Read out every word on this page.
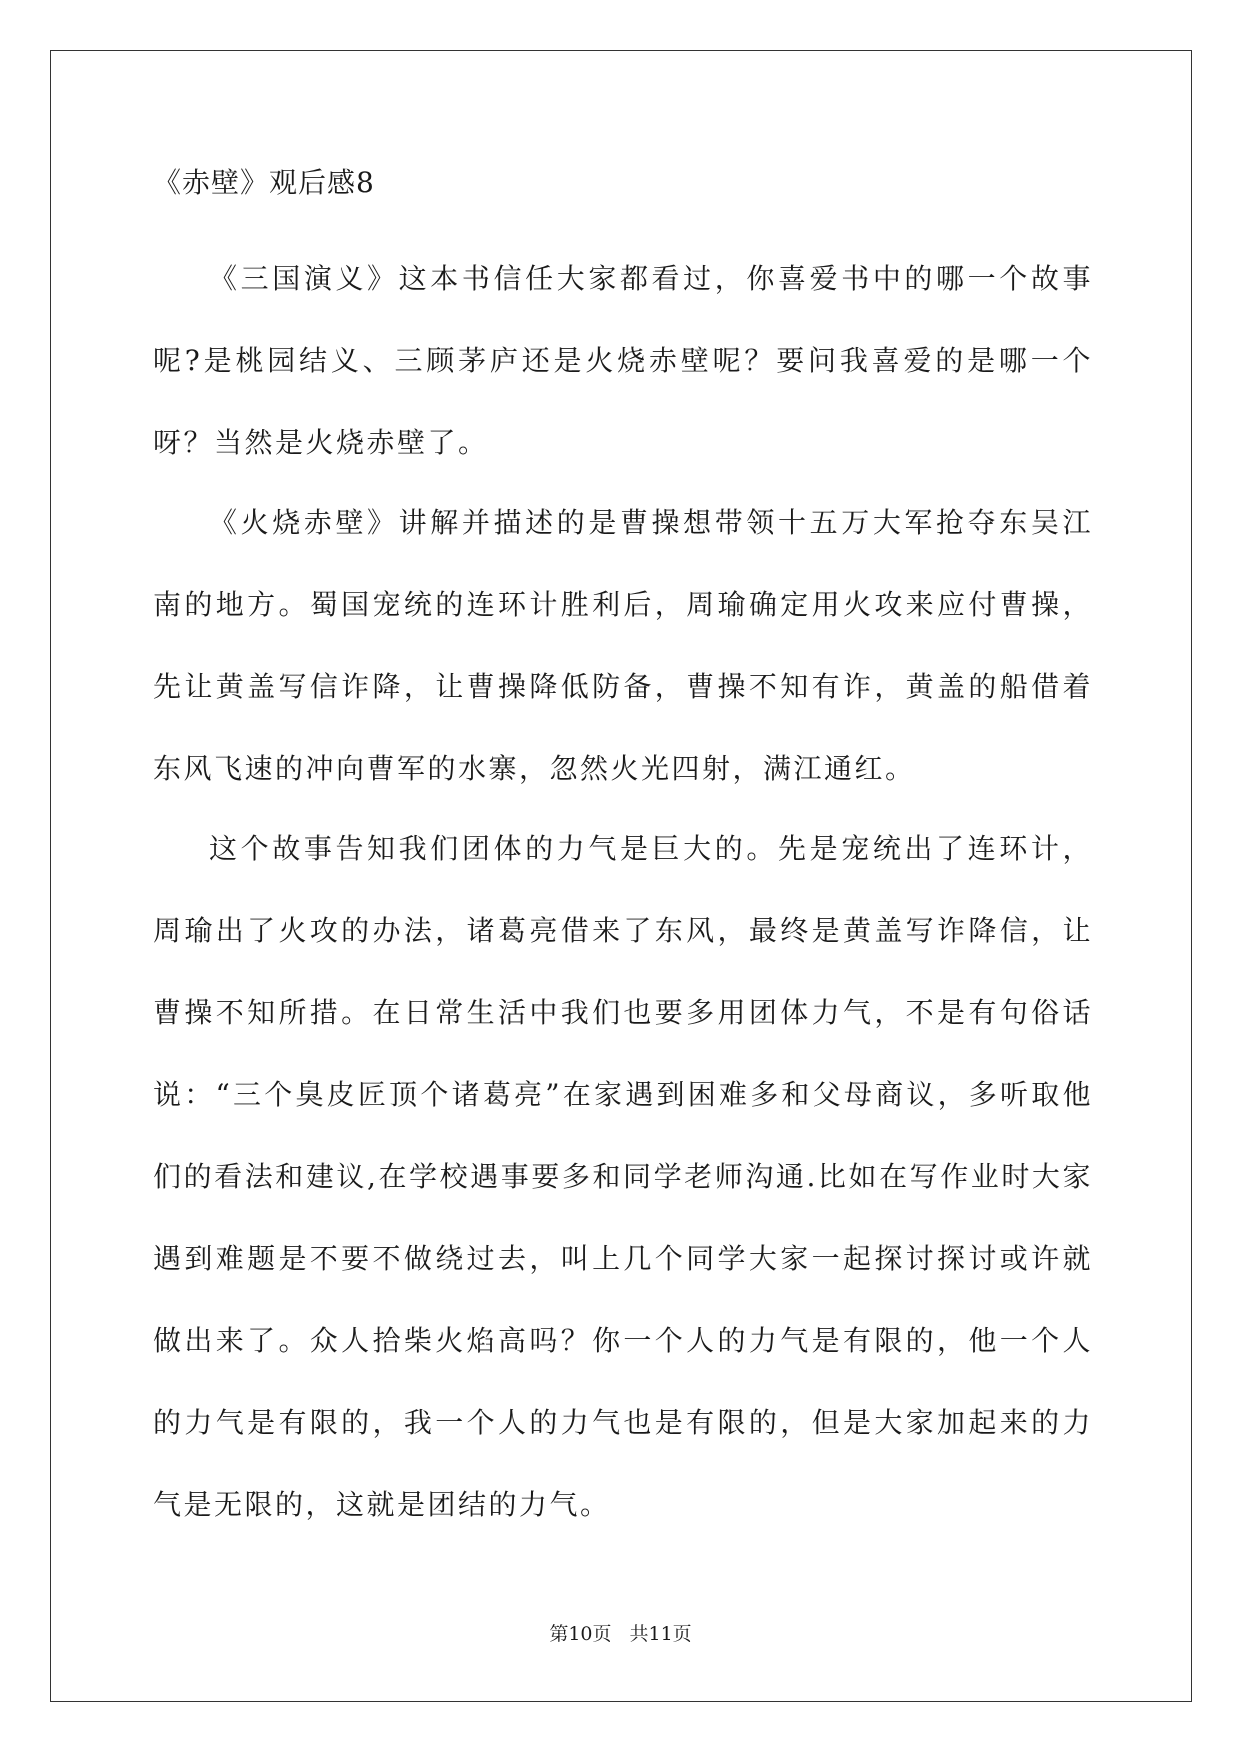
《赤壁》观后感8

《三国演义》这本书信任大家都看过，你喜爱书中的哪一个故事呢?是桃园结义、三顾茅庐还是火烧赤壁呢？要问我喜爱的是哪一个呀？当然是火烧赤壁了。

《火烧赤壁》讲解并描述的是曹操想带领十五万大军抢夺东吴江南的地方。蜀国宠统的连环计胜利后，周瑜确定用火攻来应付曹操，先让黄盖写信诈降，让曹操降低防备，曹操不知有诈，黄盖的船借着东风飞速的冲向曹军的水寨，忽然火光四射，满江通红。

这个故事告知我们团体的力气是巨大的。先是宠统出了连环计，周瑜出了火攻的办法，诸葛亮借来了东风，最终是黄盖写诈降信，让曹操不知所措。在日常生活中我们也要多用团体力气，不是有句俗话说：“三个臭皮匠顶个诸葛亮”在家遇到困难多和父母商议，多听取他们的看法和建议,在学校遇事要多和同学老师沟通.比如在写作业时大家遇到难题是不要不做绕过去，叫上几个同学大家一起探讨探讨或许就做出来了。众人拾柴火焰高吗？你一个人的力气是有限的，他一个人的力气是有限的，我一个人的力气也是有限的，但是大家加起来的力气是无限的，这就是团结的力气。

第10页 共11页
